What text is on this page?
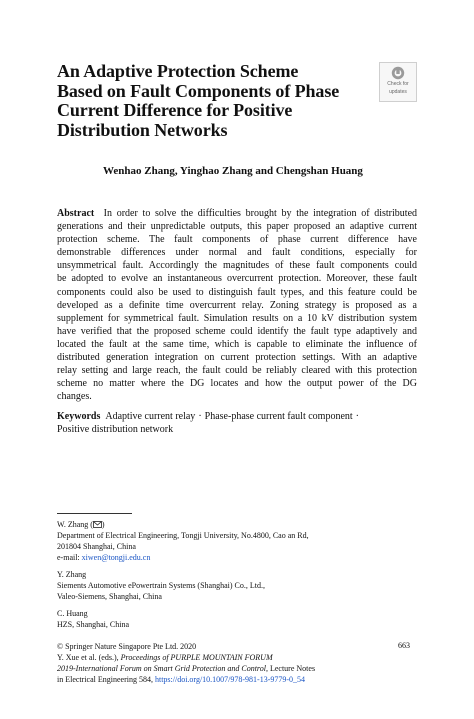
An Adaptive Protection Scheme
Based on Fault Components of Phase
Current Difference for Positive
Distribution Networks
Check for
updates
Wenhao Zhang, Yinghao Zhang and Chengshan Huang
Abstract In order to solve the difficulties brought by the integration of distributed
generations and their unpredictable outputs, this paper proposed an adaptive current
protection scheme. The fault components of phase current difference have
demonstrable differences under normal and fault conditions, especially for
unsymmetrical fault. Accordingly the magnitudes of these fault components could
be adopted to evolve an instantaneous overcurrent protection. Moreover, these fault
components could also be used to distinguish fault types, and this feature could be
developed as a definite time overcurrent relay. Zoning strategy is proposed as a
supplement for symmetrical fault. Simulation results on a 10 kV distribution system
have verified that the proposed scheme could identify the fault type adaptively and
located the fault at the same time, which is capable to eliminate the influence of
distributed generation integration on current protection settings. With an adaptive
relay setting and large reach, the fault could be reliably cleared with this protection
scheme no matter where the DG locates and how the output power of the DG
changes.
Keywords Adaptive current relay · Phase-phase current fault component ·
Positive distribution network
W. Zhang ( )
Department of Electrical Engineering, Tongji University, No.4800, Cao an Rd,
201804 Shanghai, China
e-mail: xiwen@tongji.edu.cn
Y. Zhang
Siements Automotive ePowertrain Systems (Shanghai) Co., Ltd.,
Valeo-Siemens, Shanghai, China
C. Huang
HZS, Shanghai, China
© Springer Nature Singapore Pte Ltd. 2020
Y. Xue et al. (eds.), Proceedings of PURPLE MOUNTAIN FORUM
2019-International Forum on Smart Grid Protection and Control, Lecture Notes
in Electrical Engineering 584, https://doi.org/10.1007/978-981-13-9779-0_54
663
